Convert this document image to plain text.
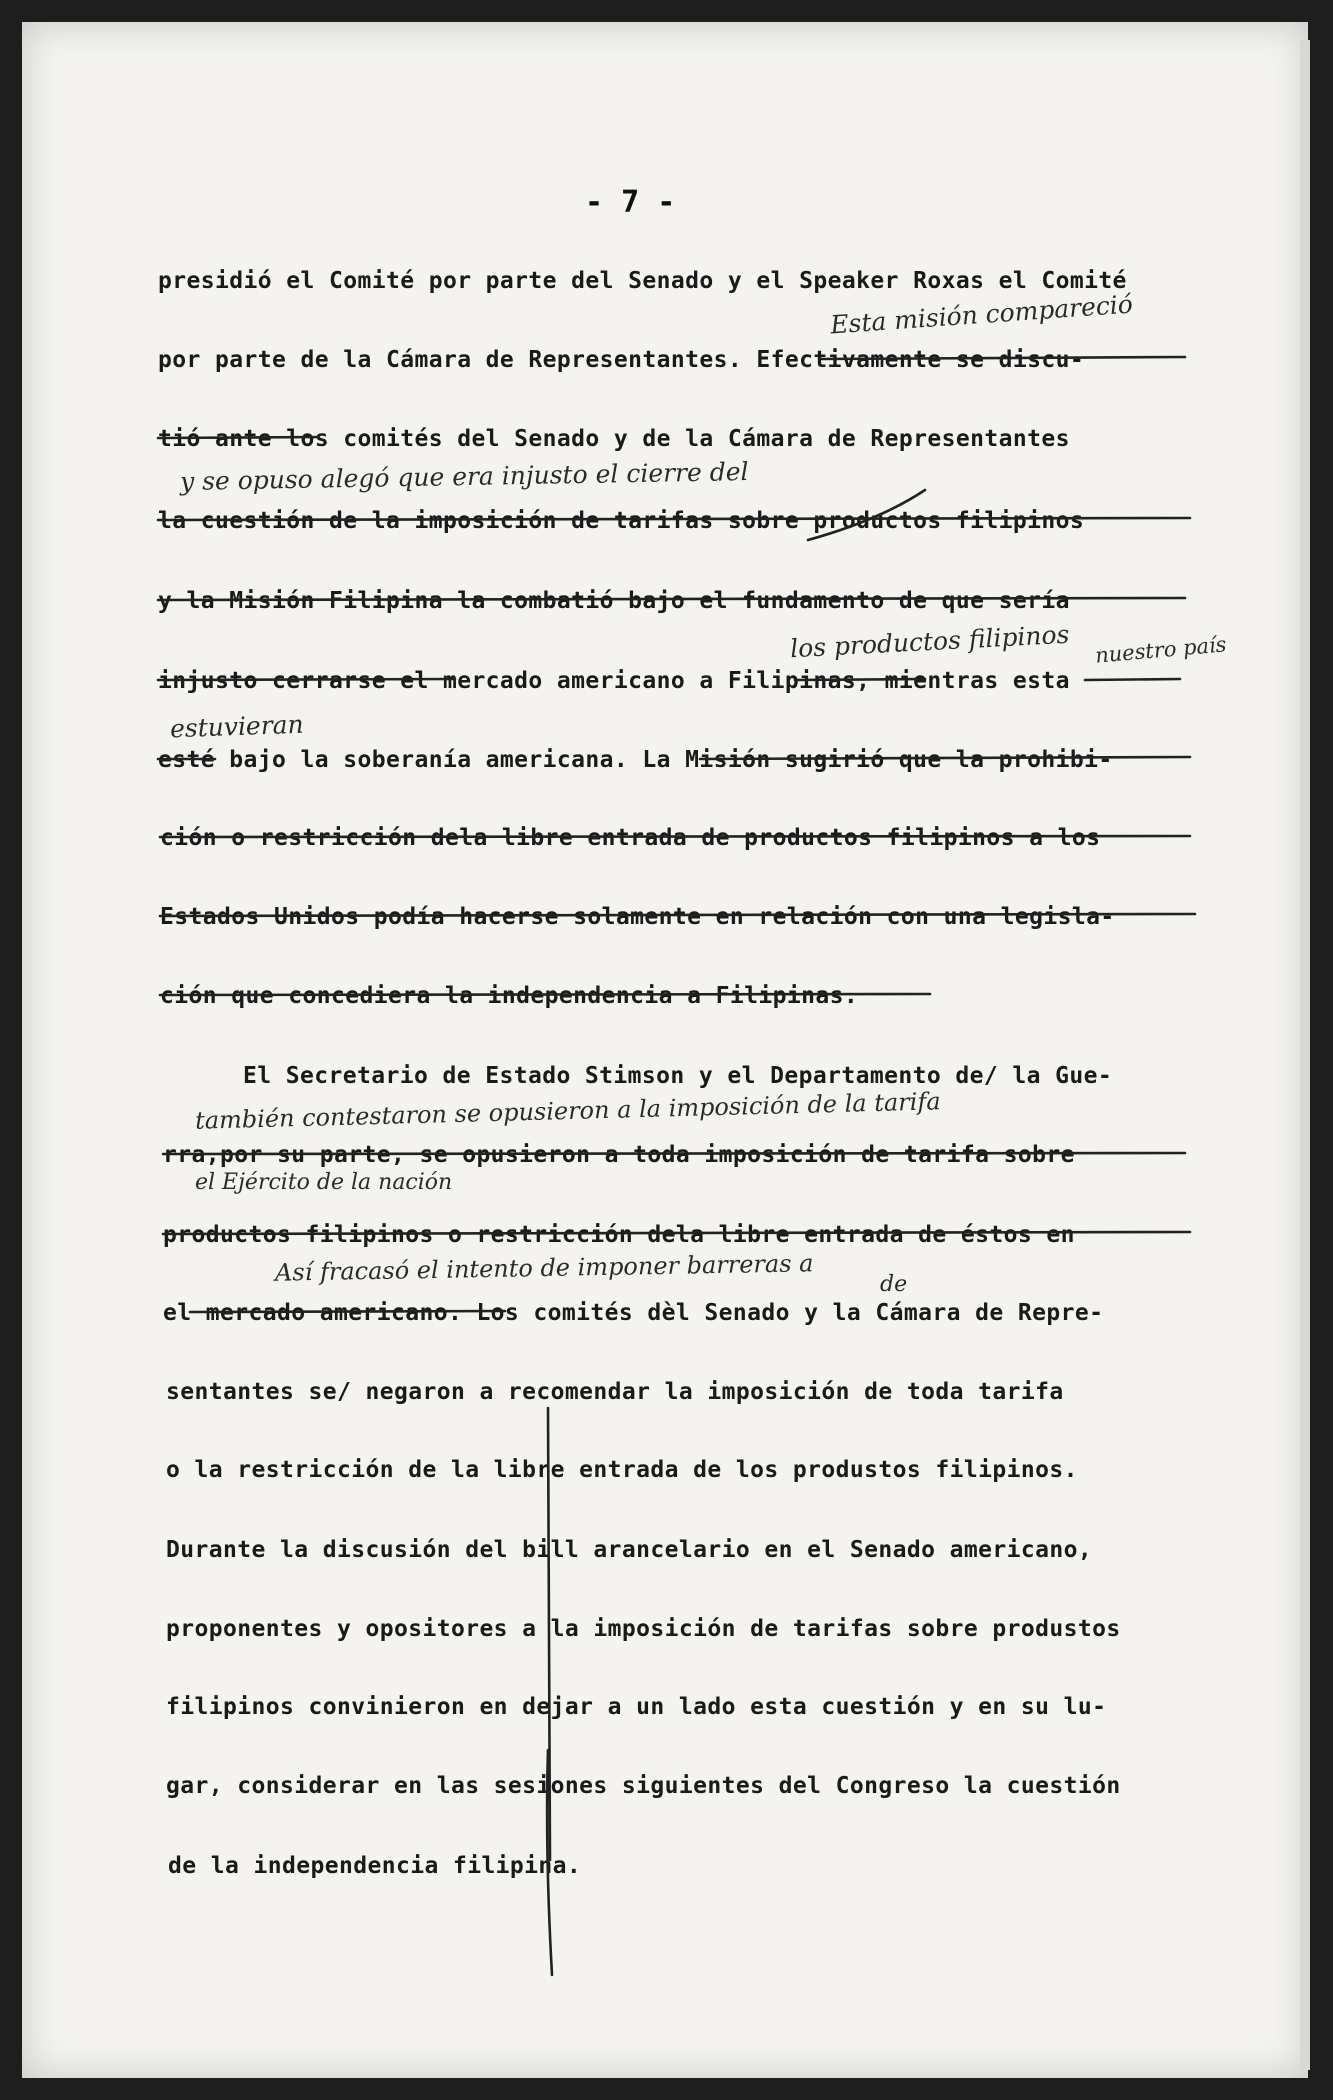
- 7 -
presidió el Comité por parte del Senado y el Speaker Roxas el Comité
por parte de la Cámara de Representantes. Efectivamente se discu-
tió ante los comités del Senado y de la Cámara de Representantes
la cuestión de la imposición de tarifas sobre productos filipinos
y la Misión Filipina la combatió bajo el fundamento de que sería
injusto cerrarse el mercado americano a Filipinas, mientras esta
esté bajo la soberanía americana. La Misión sugirió que la prohibi-
ción o restricción dela libre entrada de productos filipinos a los
Estados Unidos podía hacerse solamente en relación con una legisla-
ción que concediera la independencia a Filipinas.
El Secretario de Estado Stimson y el Departamento de/ la Gue-
rra,por su parte, se opusieron a toda imposición de tarifa sobre
productos filipinos o restricción dela libre entrada de éstos en
el mercado americano. Los comités dèl Senado y la Cámara de Repre-
sentantes se/ negaron a recomendar la imposición de toda tarifa
o la restricción de la libre entrada de los produstos filipinos.
Durante la discusión del bill arancelario en el Senado americano,
proponentes y opositores a la imposición de tarifas sobre produstos
filipinos convinieron en dejar a un lado esta cuestión y en su lu-
gar, considerar en las sesiones siguientes del Congreso la cuestión
de la independencia filipina.
Esta misión compareció
y se opuso alegó que era injusto el cierre del
los productos filipinos nuestro país
estuvieran
también contestaron se opusieron a la imposición de la tarifa
el Ejército de la nación
Así fracasó el intento de imponer barreras a	de
